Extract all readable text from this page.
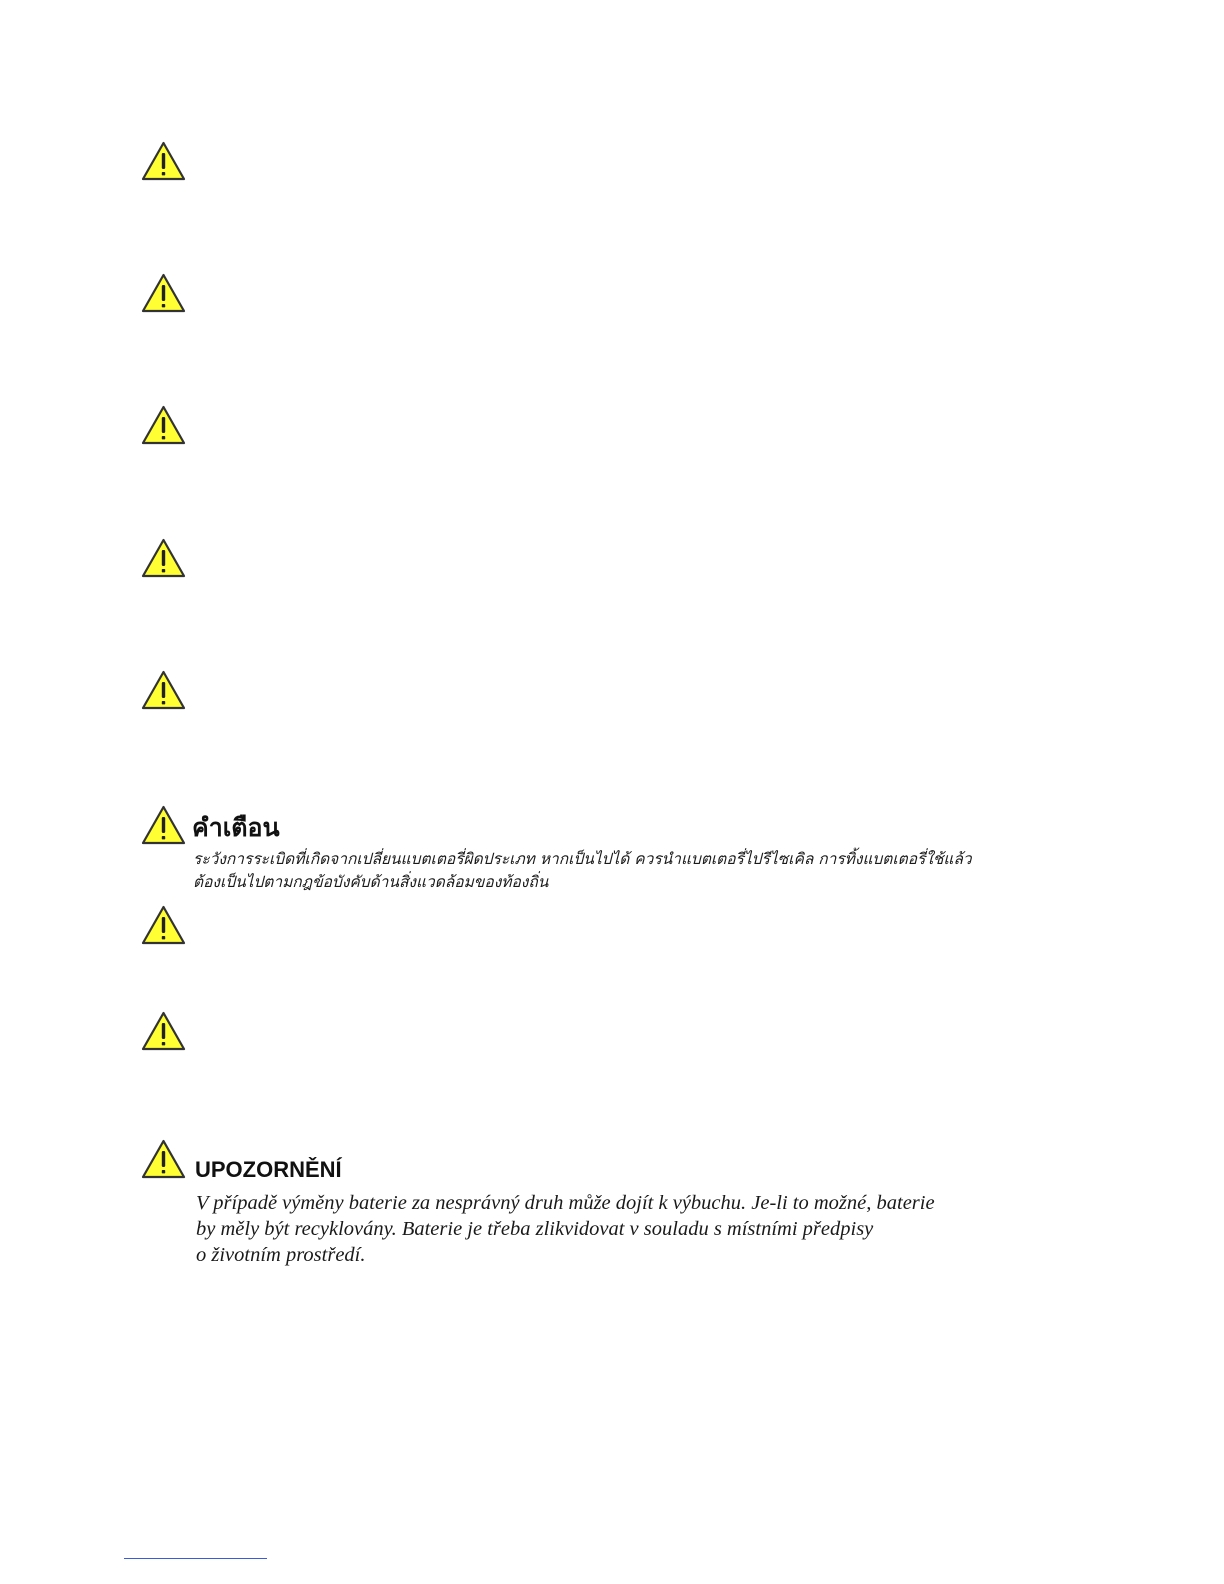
คำเตือน

ระวังการระเบิดที่เกิดจากเปลี่ยนแบตเตอรี่ผิดประเภท หากเป็นไปได้ ควรนำแบตเตอรี่ไปรีไซเคิล การทิ้งแบตเตอรี่ใช้แล้วต้องเป็นไปตามกฎข้อบังคับด้านสิ่งแวดล้อมของท้องถิ่น

UPOZORNĚNÍ

V případě výměny baterie za nesprávný druh může dojít k výbuchu. Je-li to možné, baterie
by měly být recyklovány. Baterie je třeba zlikvidovat v souladu s místními předpisy
o životním prostředí.
